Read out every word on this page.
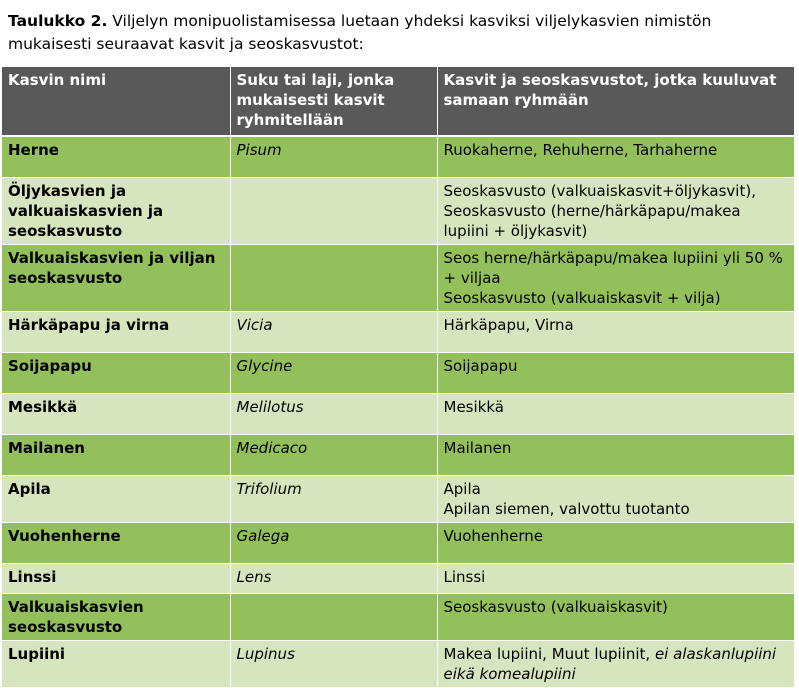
Taulukko 2. Viljelyn monipuolistamisessa luetaan yhdeksi kasviksi viljelykasvien nimistön mukaisesti seuraavat kasvit ja seoskasvustot:
Kasvin nimi	Suku tai laji, jonka mukaisesti kasvit ryhmitellään	Kasvit ja seoskasvustot, jotka kuuluvat samaan ryhmään
Herne	Pisum	Ruokaherne, Rehuherne, Tarhaherne

Öljykasvien ja valkuaiskasvien ja seoskasvusto		Seoskasvusto (valkuaiskasvit+öljykasvit), Seoskasvusto (herne/härkäpapu/makea lupiini + öljykasvit)

Valkuaiskasvien ja viljan seoskasvusto		Seos herne/härkäpapu/makea lupiini yli 50 % + viljaa
Seoskasvusto (valkuaiskasvit + vilja)

Härkäpapu ja virna	Vicia	Härkäpapu, Virna

Soijapapu	Glycine	Soijapapu

Mesikkä	Melilotus	Mesikkä

Mailanen	Medicaco	Mailanen

Apila	Trifolium	Apila
Apilan siemen, valvottu tuotanto

Vuohenherne	Galega	Vuohenherne

Linssi	Lens	Linssi

Valkuaiskasvien seoskasvusto		Seoskasvusto (valkuaiskasvit)

Lupiini	Lupinus	Makea lupiini, Muut lupiinit, ei alaskanlupiini eikä komealupiini
